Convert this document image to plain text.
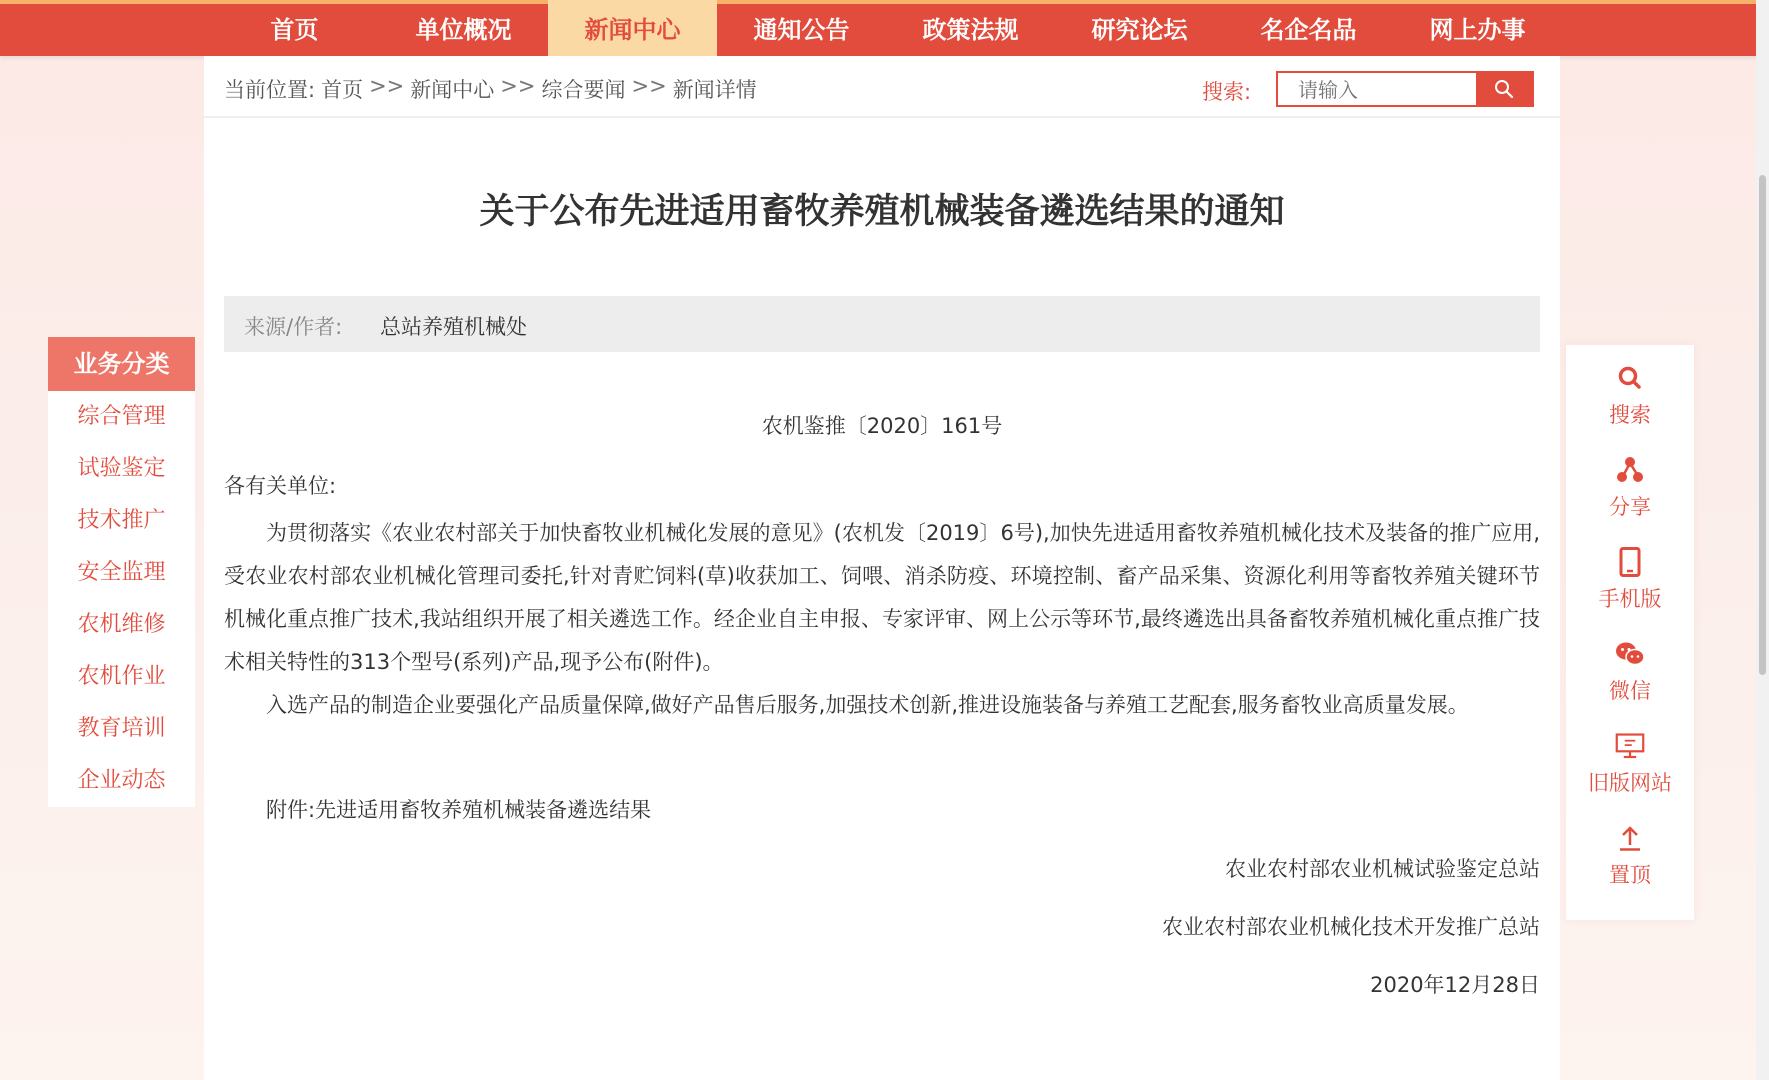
首页	单位概况	新闻中心	通知公告	政策法规	研究论坛	名企名品	网上办事
业务分类
综合管理
试验鉴定
技术推广
安全监理
农机维修
农机作业
教育培训
企业动态
当前位置: 首页 >> 新闻中心 >> 综合要闻 >> 新闻详情	搜索:
请输入
关于公布先进适用畜牧养殖机械装备遴选结果的通知
来源/作者: 总站养殖机械处
农机鉴推〔2020〕161号
各有关单位:
为贯彻落实《农业农村部关于加快畜牧业机械化发展的意见》(农机发〔2019〕6号),加快先进适用畜牧养殖机械化技术及装备的推广应用,受农业农村部农业机械化管理司委托,针对青贮饲料(草)收获加工、饲喂、消杀防疫、环境控制、畜产品采集、资源化利用等畜牧养殖关键环节机械化重点推广技术,我站组织开展了相关遴选工作。经企业自主申报、专家评审、网上公示等环节,最终遴选出具备畜牧养殖机械化重点推广技术相关特性的313个型号(系列)产品,现予公布(附件)。
入选产品的制造企业要强化产品质量保障,做好产品售后服务,加强技术创新,推进设施装备与养殖工艺配套,服务畜牧业高质量发展。
附件:先进适用畜牧养殖机械装备遴选结果
农业农村部农业机械试验鉴定总站
农业农村部农业机械化技术开发推广总站
2020年12月28日
搜索
分享
手机版
微信
旧版网站
置顶
